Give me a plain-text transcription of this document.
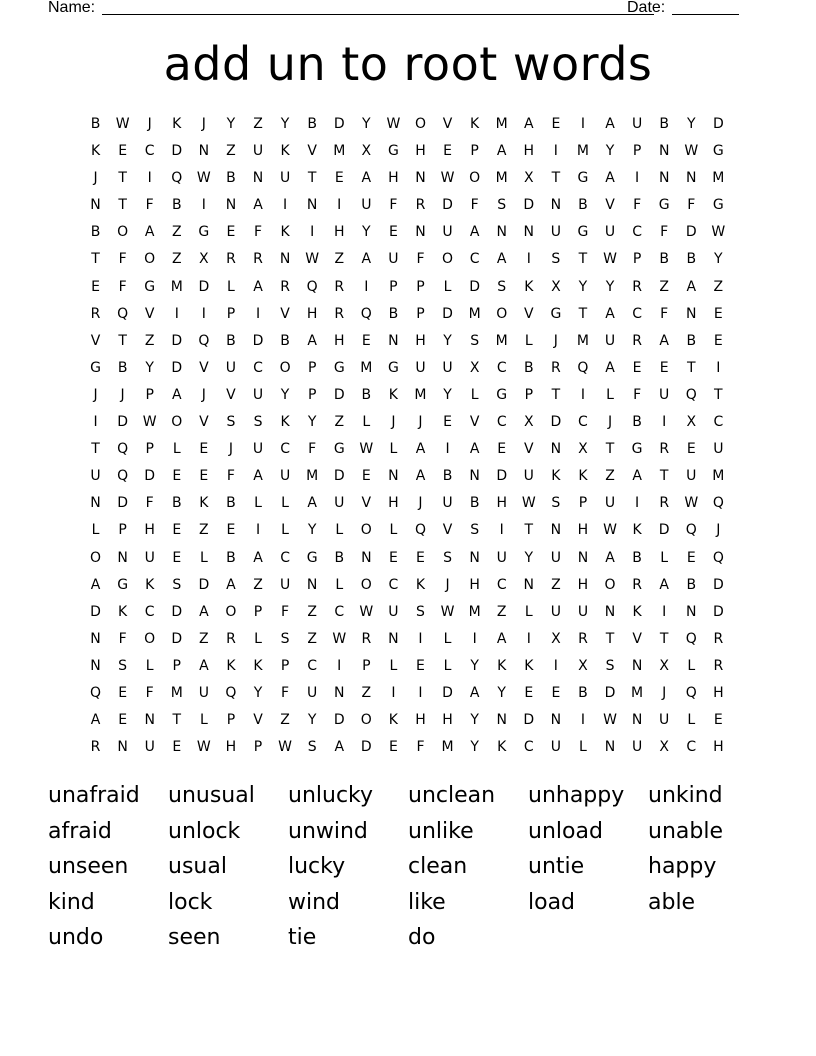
Name:	Date:
add un to root words
B	W	J	K	J	Y	Z	Y	B	D	Y	W	O	V	K	M	A	E	I	A	U	B	Y	D
K	E	C	D	N	Z	U	K	V	M	X	G	H	E	P	A	H	I	M	Y	P	N	W	G
J	T	I	Q	W	B	N	U	T	E	A	H	N	W	O	M	X	T	G	A	I	N	N	M
N	T	F	B	I	N	A	I	N	I	U	F	R	D	F	S	D	N	B	V	F	G	F	G
B	O	A	Z	G	E	F	K	I	H	Y	E	N	U	A	N	N	U	G	U	C	F	D	W
T	F	O	Z	X	R	R	N	W	Z	A	U	F	O	C	A	I	S	T	W	P	B	B	Y
E	F	G	M	D	L	A	R	Q	R	I	P	P	L	D	S	K	X	Y	Y	R	Z	A	Z
R	Q	V	I	I	P	I	V	H	R	Q	B	P	D	M	O	V	G	T	A	C	F	N	E
V	T	Z	D	Q	B	D	B	A	H	E	N	H	Y	S	M	L	J	M	U	R	A	B	E
G	B	Y	D	V	U	C	O	P	G	M	G	U	U	X	C	B	R	Q	A	E	E	T	I
J	J	P	A	J	V	U	Y	P	D	B	K	M	Y	L	G	P	T	I	L	F	U	Q	T
I	D	W	O	V	S	S	K	Y	Z	L	J	J	E	V	C	X	D	C	J	B	I	X	C
T	Q	P	L	E	J	U	C	F	G	W	L	A	I	A	E	V	N	X	T	G	R	E	U
U	Q	D	E	E	F	A	U	M	D	E	N	A	B	N	D	U	K	K	Z	A	T	U	M
N	D	F	B	K	B	L	L	A	U	V	H	J	U	B	H	W	S	P	U	I	R	W	Q
L	P	H	E	Z	E	I	L	Y	L	O	L	Q	V	S	I	T	N	H	W	K	D	Q	J
O	N	U	E	L	B	A	C	G	B	N	E	E	S	N	U	Y	U	N	A	B	L	E	Q
A	G	K	S	D	A	Z	U	N	L	O	C	K	J	H	C	N	Z	H	O	R	A	B	D
D	K	C	D	A	O	P	F	Z	C	W	U	S	W	M	Z	L	U	U	N	K	I	N	D
N	F	O	D	Z	R	L	S	Z	W	R	N	I	L	I	A	I	X	R	T	V	T	Q	R
N	S	L	P	A	K	K	P	C	I	P	L	E	L	Y	K	K	I	X	S	N	X	L	R
Q	E	F	M	U	Q	Y	F	U	N	Z	I	I	D	A	Y	E	E	B	D	M	J	Q	H
A	E	N	T	L	P	V	Z	Y	D	O	K	H	H	Y	N	D	N	I	W	N	U	L	E
R	N	U	E	W	H	P	W	S	A	D	E	F	M	Y	K	C	U	L	N	U	X	C	H
unafraid	unusual	unlucky	unclean	unhappy	unkind
afraid	unlock	unwind	unlike	unload	unable
unseen	usual	lucky	clean	untie	happy
kind	lock	wind	like	load	able
undo	seen	tie	do
